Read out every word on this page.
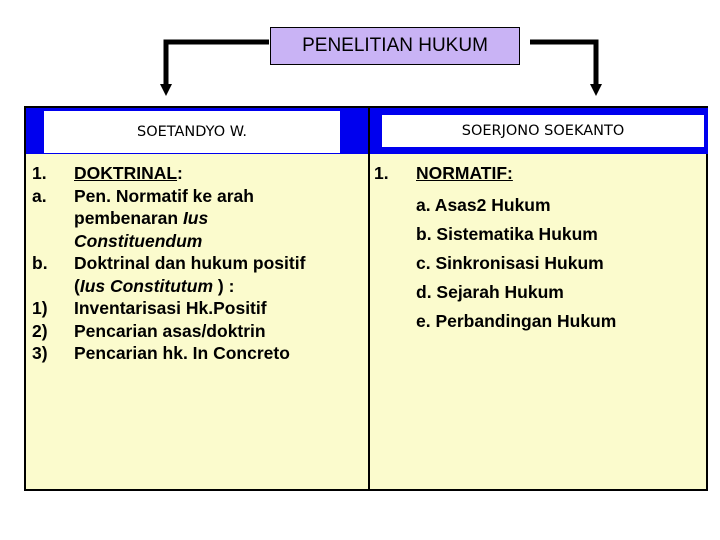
PENELITIAN HUKUM
SOETANDYO W.	SOERJONO SOEKANTO
1.	DOKTRINAL:
a.	Pen. Normatif ke arah
pembenaran Ius
Constituendum
b.	Doktrinal dan hukum positif
(Ius Constitutum ) :
1)	Inventarisasi Hk.Positif
2)	Pencarian asas/doktrin
3)	Pencarian hk. In Concreto
1.	NORMATIF:
a. Asas2 Hukum
b. Sistematika Hukum
c. Sinkronisasi Hukum
d. Sejarah Hukum
e. Perbandingan Hukum
